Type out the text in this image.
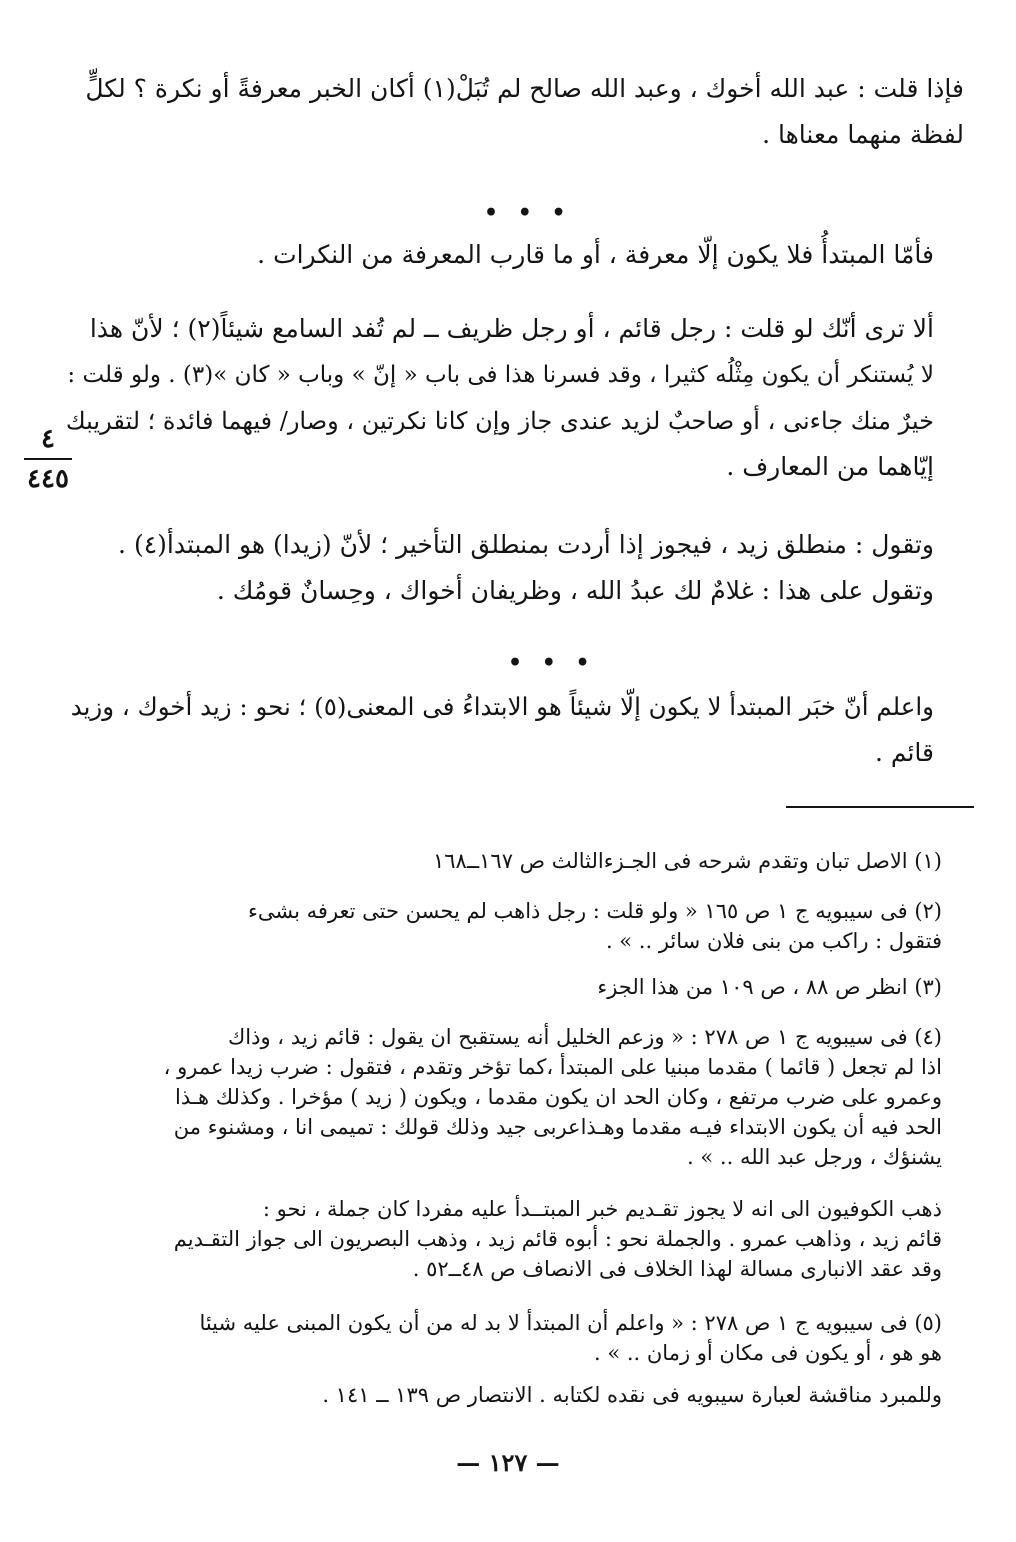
فإذا قلت : عبد الله أخوك ، وعبد الله صالح لم تُبَلْ(١) أكان الخبر معرفةً أو نكرة ؟ لكلٍّ
لفظة منهما معناها .
• • •
فأمّا المبتدأُ فلا يكون إلّا معرفة ، أو ما قارب المعرفة من النكرات .
ألا ترى أنّك لو قلت : رجل قائم ، أو رجل ظريف ــ لم تُفد السامع شيئاً(٢) ؛ لأنّ هذا
لا يُستنكر أن يكون مِثْلُه كثيرا ، وقد فسرنا هذا فى باب « إنّ » وباب « كان »(٣) . ولو قلت :
خيرٌ منك جاءنى ، أو صاحبٌ لزيد عندى جاز وإن كانا نكرتين ، وصار/ فيهما فائدة ؛ لتقريبك
إيّاهما من المعارف .
٤
٤٤٥
وتقول : منطلق زيد ، فيجوز إذا أردت بمنطلق التأخير ؛ لأنّ (زيدا) هو المبتدأ(٤) .
وتقول على هذا : غلامٌ لك عبدُ الله ، وظريفان أخواك ، وحِسانٌ قومُك .
• • •
واعلم أنّ خبَر المبتدأ لا يكون إلّا شيئاً هو الابتداءُ فى المعنى(٥) ؛ نحو : زيد أخوك ، وزيد
قائم .
(١) الاصل تبان وتقدم شرحه فى الجـزءالثالث ص ١٦٧ــ١٦٨
(٢) فى سيبويه ج ١ ص ١٦٥ « ولو قلت : رجل ذاهب لم يحسن حتى تعرفه بشىء
فتقول : راكب من بنى فلان سائر .. » .
(٣) انظر ص ٨٨ ، ص ١٠٩ من هذا الجزء
(٤) فى سيبويه ج ١ ص ٢٧٨ : « وزعم الخليل أنه يستقبح ان يقول : قائم زيد ، وذاك
اذا لم تجعل ( قائما ) مقدما مبنيا على المبتدأ ،كما تؤخر وتقدم ، فتقول : ضرب زيدا عمرو ،
وعمرو على ضرب مرتفع ، وكان الحد ان يكون مقدما ، ويكون ( زيد ) مؤخرا . وكذلك هـذا
الحد فيه أن يكون الابتداء فيـه مقدما وهـذاعربى جيد وذلك قولك : تميمى انا ، ومشنوء من
يشنؤك ، ورجل عبد الله .. » .
ذهب الكوفيون الى انه لا يجوز تقـديم خبر المبتــدأ عليه مفردا كان جملة ، نحو :
قائم زيد ، وذاهب عمرو . والجملة نحو : أبوه قائم زيد ، وذهب البصريون الى جواز التقـديم
وقد عقد الانبارى مسالة لهذا الخلاف فى الانصاف ص ٤٨ــ٥٢ .
(٥) فى سيبويه ج ١ ص ٢٧٨ : « واعلم أن المبتدأ لا بد له من أن يكون المبنى عليه شيئا
هو هو ، أو يكون فى مكان أو زمان .. » .
وللمبرد مناقشة لعبارة سيبويه فى نقده لكتابه . الانتصار ص ١٣٩ ــ ١٤١ .
— ١٢٧ —
